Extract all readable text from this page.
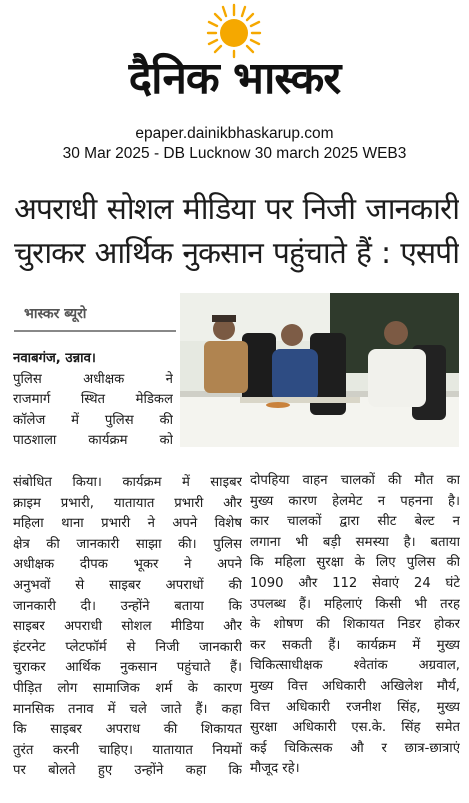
दैनिक भास्कर
epaper.dainikbhaskarup.com
30 Mar 2025 - DB Lucknow 30 march 2025 WEB3
अपराधी सोशल मीडिया पर निजी जानकारी
चुराकर आर्थिक नुकसान पहुंचाते हैं : एसपी
भास्कर ब्यूरो
नवाबगंज, उन्नाव।
पुलिस अधीक्षक ने
राजमार्ग स्थित मेडिकल
कॉलेज में पुलिस की
पाठशाला कार्यक्रम को
संबोधित किया। कार्यक्रम में साइबर
क्राइम प्रभारी, यातायात प्रभारी और
महिला थाना प्रभारी ने अपने विशेष
क्षेत्र की जानकारी साझा की। पुलिस
अधीक्षक दीपक भूकर ने अपने
अनुभवों से साइबर अपराधों की
जानकारी दी। उन्होंने बताया कि
साइबर अपराधी सोशल मीडिया और
इंटरनेट प्लेटफॉर्म से निजी जानकारी
चुराकर आर्थिक नुकसान पहुंचाते हैं।
पीड़ित लोग सामाजिक शर्म के कारण
मानसिक तनाव में चले जाते हैं। कहा
कि साइबर अपराध की शिकायत
तुरंत करनी चाहिए। यातायात नियमों
पर बोलते हुए उन्होंने कहा कि
दोपहिया वाहन चालकों की मौत का
मुख्य कारण हेलमेट न पहनना है।
कार चालकों द्वारा सीट बेल्ट न
लगाना भी बड़ी समस्या है। बताया
कि महिला सुरक्षा के लिए पुलिस की
1090 और 112 सेवाएं 24 घंटे
उपलब्ध हैं। महिलाएं किसी भी तरह
के शोषण की शिकायत निडर होकर
कर सकती हैं। कार्यक्रम में मुख्य
चिकित्साधीक्षक श्वेतांक अग्रवाल,
मुख्य वित्त अधिकारी अखिलेश मौर्य,
वित्त अधिकारी रजनीश सिंह, मुख्य
सुरक्षा अधिकारी एस.के. सिंह समेत
कई चिकित्सक औ र छात्र-छात्राएं
मौजूद रहे।
